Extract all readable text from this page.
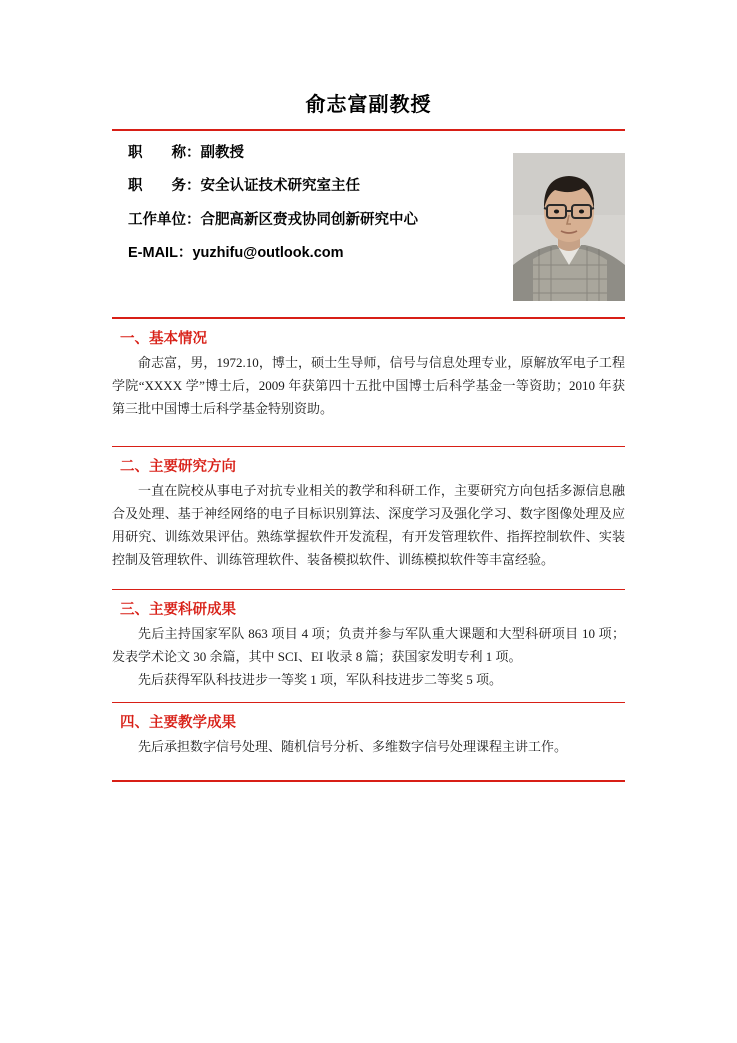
俞志富副教授
职　　称：副教授
职　　务：安全认证技术研究室主任
工作单位：合肥高新区赍戎协同创新研究中心
E-MAIL：yuzhifu@outlook.com
一、基本情况

俞志富，男，1972.10，博士，硕士生导师，信号与信息处理专业，原解放军电子工程学院“XXXX 学”博士后，2009 年获第四十五批中国博士后科学基金一等资助；2010 年获第三批中国博士后科学基金特别资助。

二、主要研究方向

一直在院校从事电子对抗专业相关的教学和科研工作，主要研究方向包括多源信息融合及处理、基于神经网络的电子目标识别算法、深度学习及强化学习、数字图像处理及应用研究、训练效果评估。熟练掌握软件开发流程，有开发管理软件、指挥控制软件、实装控制及管理软件、训练管理软件、装备模拟软件、训练模拟软件等丰富经验。

三、主要科研成果

先后主持国家军队 863 项目 4 项；负责并参与军队重大课题和大型科研项目 10 项；发表学术论文 30 余篇，其中 SCI、EI 收录 8 篇；获国家发明专利 1 项。

先后获得军队科技进步一等奖 1 项，军队科技进步二等奖 5 项。

四、主要教学成果

先后承担数字信号处理、随机信号分析、多维数字信号处理课程主讲工作。
